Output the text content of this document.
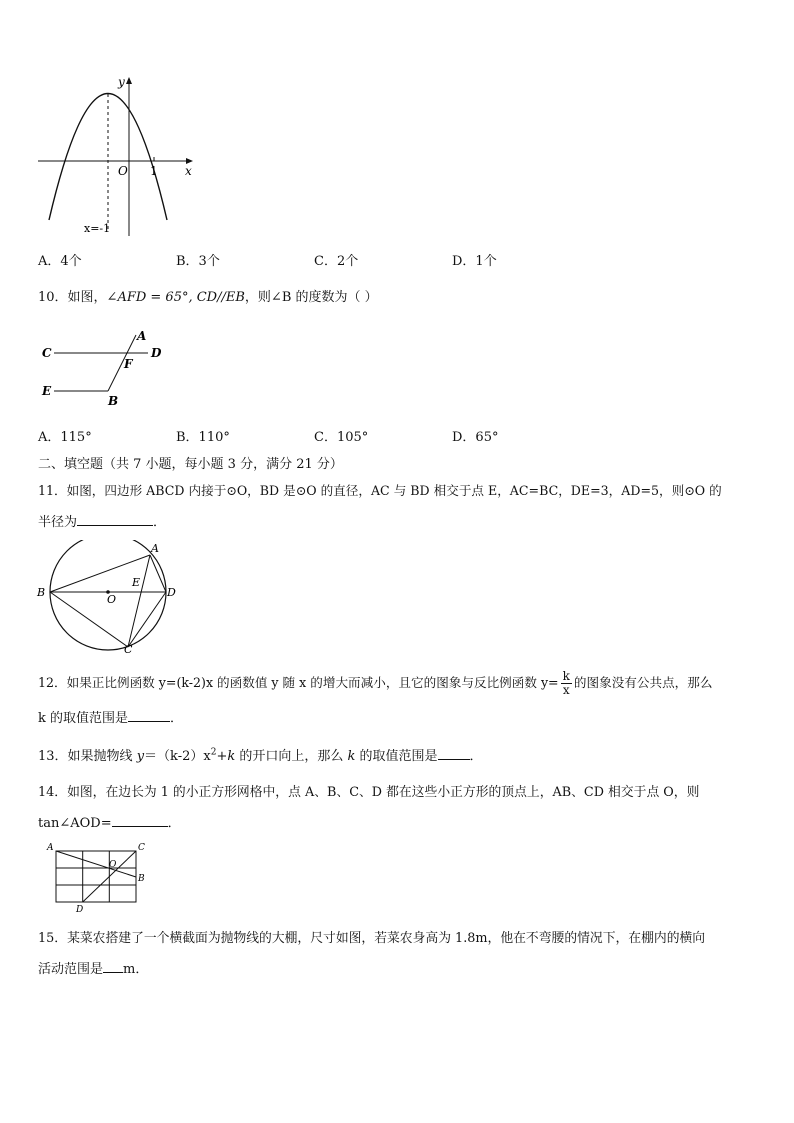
y
x
O 1
x=-1
A．4个	B．3个	C．2个	D．1个
10．如图，∠AFD = 65°, CD//EB，则∠B 的度数为（ ）
A
C	D
F
E
B
A．115°	B．110°	C．105°	D．65°
二、填空题（共 7 小题，每小题 3 分，满分 21 分）
11．如图，四边形 ABCD 内接于⊙O，BD 是⊙O 的直径，AC 与 BD 相交于点 E，AC=BC，DE=3，AD=5，则⊙O 的
半径为	．
A
B	D
E
O
C
12．如果正比例函数 y=(k-2)x 的函数值 y 随 x 的增大而减小，且它的图象与反比例函数 $y= \frac{k}{x}$ 的图象没有公共点，那么
k 的取值范围是	．
13．如果抛物线 $y=(k-2)x^2+k$ 的开口向上，那么 k 的取值范围是 ．
14．如图，在边长为 1 的小正方形网格中，点 A、B、C、D 都在这些小正方形的顶点上，AB、CD 相交于点 O，则
tan∠AOD=	．
A	C
O
B
D
15．某菜农搭建了一个横截面为抛物线的大棚，尺寸如图，若菜农身高为 1.8m，他在不弯腰的情况下，在棚内的横向
活动范围是 m．
